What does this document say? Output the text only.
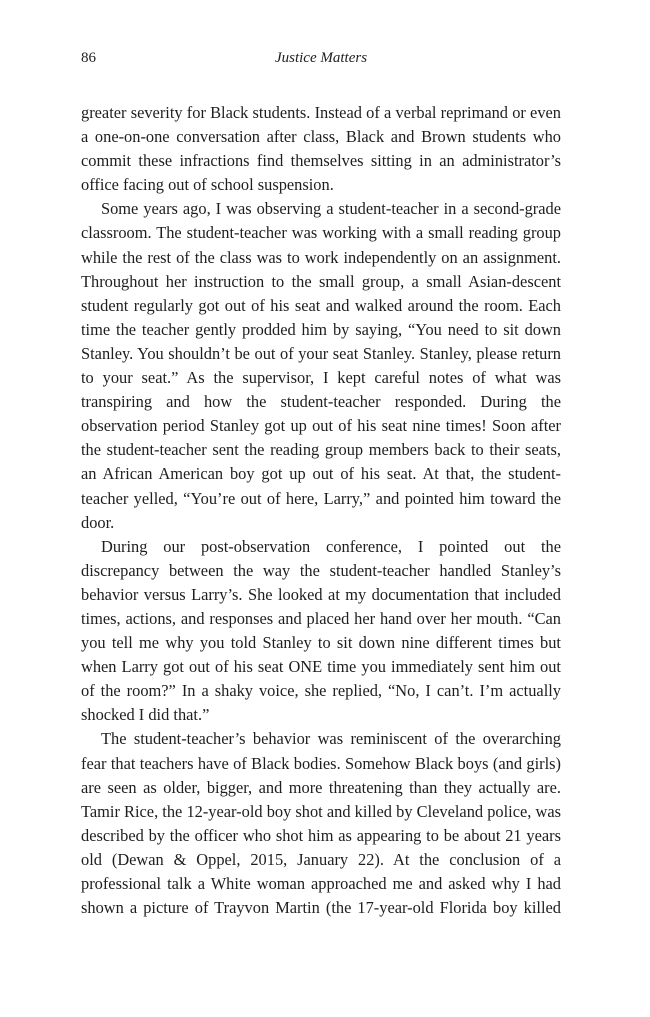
86	Justice Matters

greater severity for Black students. Instead of a verbal reprimand or even a one-on-one conversation after class, Black and Brown students who commit these infractions find themselves sitting in an administrator’s office facing out of school suspension.

Some years ago, I was observing a student-teacher in a second-grade classroom. The student-teacher was working with a small reading group while the rest of the class was to work independently on an assignment. Throughout her instruction to the small group, a small Asian-descent student regularly got out of his seat and walked around the room. Each time the teacher gently prodded him by saying, “You need to sit down Stanley. You shouldn’t be out of your seat Stanley. Stanley, please return to your seat.” As the supervisor, I kept careful notes of what was transpiring and how the student-teacher responded. During the observation period Stanley got up out of his seat nine times! Soon after the student-teacher sent the reading group members back to their seats, an African American boy got up out of his seat. At that, the student-teacher yelled, “You’re out of here, Larry,” and pointed him toward the door.

During our post-observation conference, I pointed out the discrepancy between the way the student-teacher handled Stanley’s behavior versus Larry’s. She looked at my documentation that included times, actions, and responses and placed her hand over her mouth. “Can you tell me why you told Stanley to sit down nine different times but when Larry got out of his seat ONE time you immediately sent him out of the room?” In a shaky voice, she replied, “No, I can’t. I’m actually shocked I did that.”

The student-teacher’s behavior was reminiscent of the overarching fear that teachers have of Black bodies. Somehow Black boys (and girls) are seen as older, bigger, and more threatening than they actually are. Tamir Rice, the 12-year-old boy shot and killed by Cleveland police, was described by the officer who shot him as appearing to be about 21 years old (Dewan & Oppel, 2015, January 22). At the conclusion of a professional talk a White woman approached me and asked why I had shown a picture of Trayvon Martin (the 17-year-old Florida boy killed
